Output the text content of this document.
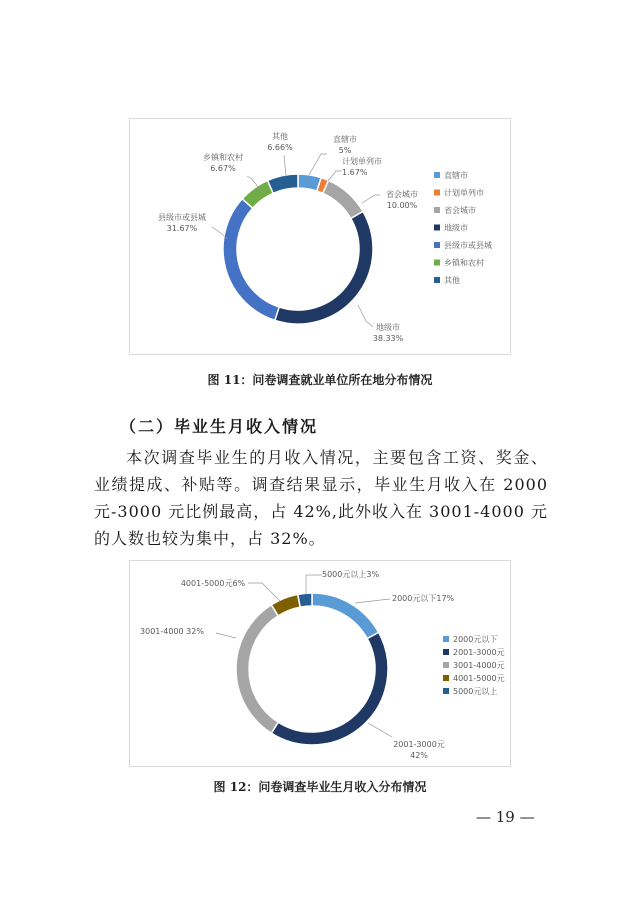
直辖市
计划单列市
省会城市
地级市
县级市或县城
乡镇和农村
其他
直辖市
5%
计划单列市
1.67%
省会城市
10.00%
地级市
38.33%
县级市或县城
31.67%
乡镇和农村
6.67%
其他
6.66%
图 11：问卷调查就业单位所在地分布情况
（二）毕业生月收入情况
本次调查毕业生的月收入情况，主要包含工资、奖金、业绩提成、补贴等。调查结果显示，毕业生月收入在 2000 元-3000 元比例最高，占 42%,此外收入在 3001-4000 元的人数也较为集中，占 32%。
2000元以下
2001-3000元
3001-4000元
4001-5000元
5000元以上
2000元以下17%
2001-3000元
42%
3001-4000 32%
4001-5000元6%
5000元以上3%
图 12：问卷调查毕业生月收入分布情况
— 19 —
